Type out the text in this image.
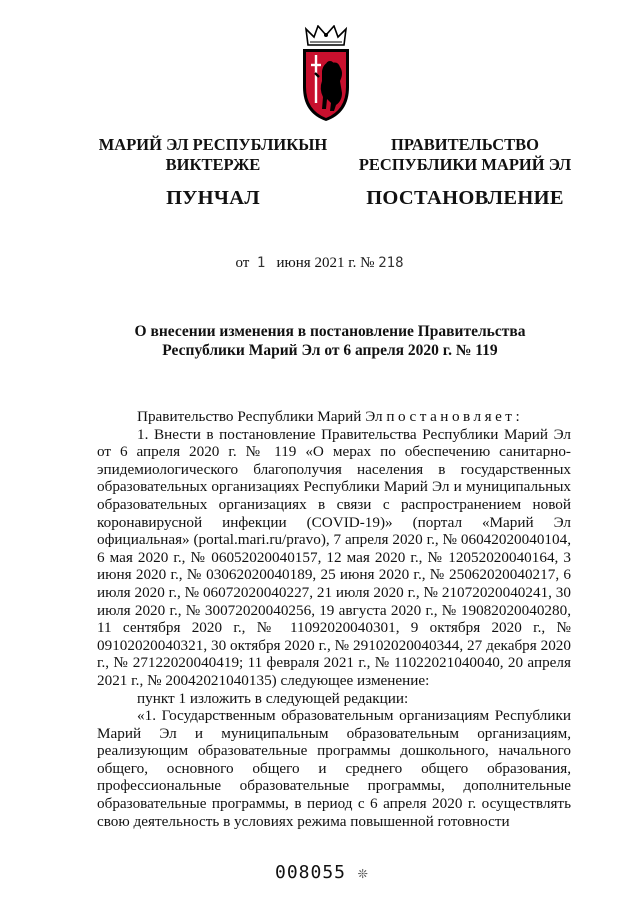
МАРИЙ ЭЛ РЕСПУБЛИКЫН
ВИКТЕРЖЕ
ПУНЧАЛ
ПРАВИТЕЛЬСТВО
РЕСПУБЛИКИ МАРИЙ ЭЛ
ПОСТАНОВЛЕНИЕ
от 1 июня 2021 г. № 218
О внесении изменения в постановление Правительства
Республики Марий Эл от 6 апреля 2020 г. № 119

Правительство Республики Марий Эл постановляет:

1. Внести в постановление Правительства Республики Марий Эл от 6 апреля 2020 г. № 119 «О мерах по обеспечению санитарно-эпидемиологического благополучия населения в государственных образовательных организациях Республики Марий Эл и муниципальных образовательных организациях в связи с распространением новой коронавирусной инфекции (COVID-19)» (портал «Марий Эл официальная» (portal.mari.ru/pravo), 7 апреля 2020 г., № 06042020040104, 6 мая 2020 г., № 06052020040157, 12 мая 2020 г., № 12052020040164, 3 июня 2020 г., № 03062020040189, 25 июня 2020 г., № 25062020040217, 6 июля 2020 г., № 06072020040227, 21 июля 2020 г., № 21072020040241, 30 июля 2020 г., № 30072020040256, 19 августа 2020 г., № 19082020040280, 11 сентября 2020 г., № 11092020040301, 9 октября 2020 г., № 09102020040321, 30 октября 2020 г., № 29102020040344, 27 декабря 2020 г., № 27122020040419; 11 февраля 2021 г., № 11022021040040, 20 апреля 2021 г., № 20042021040135) следующее изменение:

пункт 1 изложить в следующей редакции:

«1. Государственным образовательным организациям Республики Марий Эл и муниципальным образовательным организациям, реализующим образовательные программы дошкольного, начального общего, основного общего и среднего общего образования, профессиональные образовательные программы, дополнительные образовательные программы, в период с 6 апреля 2020 г. осуществлять свою деятельность в условиях режима повышенной готовности

008055 ❊
